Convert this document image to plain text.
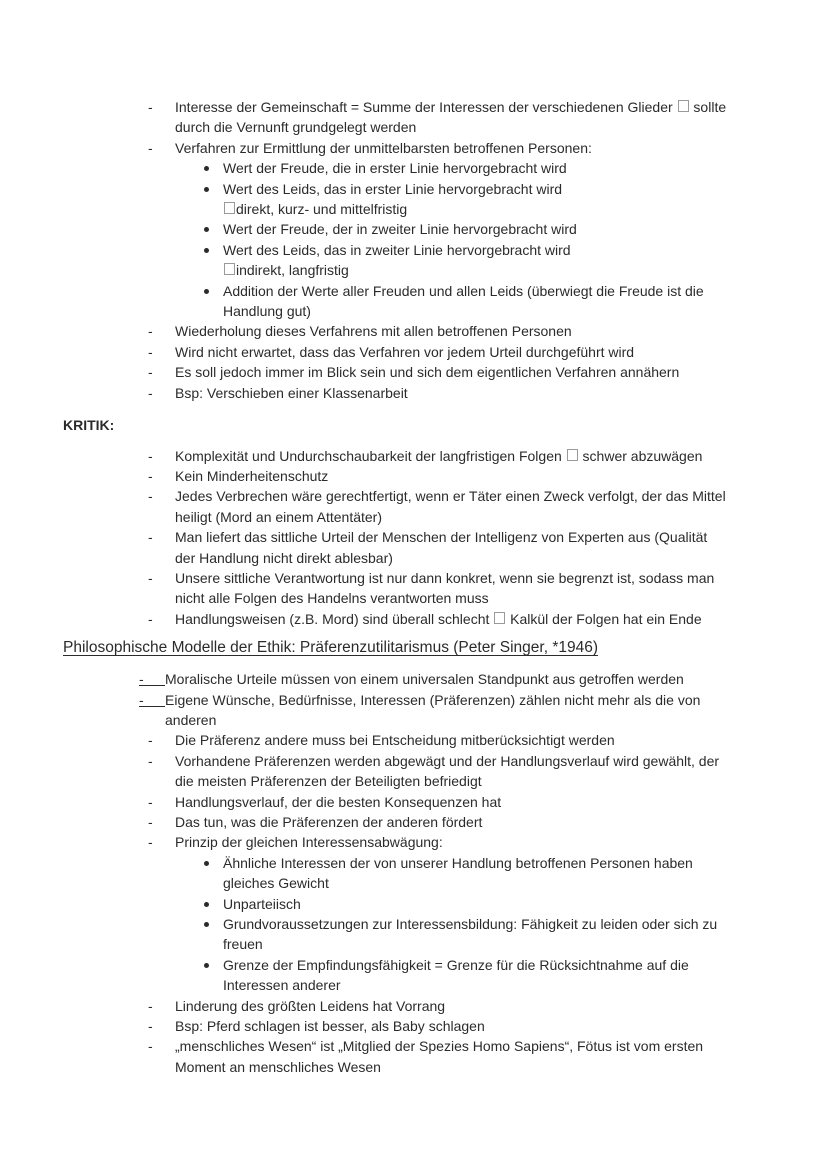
- Interesse der Gemeinschaft = Summe der Interessen der verschiedenen Glieder  sollte
durch die Vernunft grundgelegt werden
- Verfahren zur Ermittlung der unmittelbarsten betroffenen Personen:
Wert der Freude, die in erster Linie hervorgebracht wird
Wert des Leids, das in erster Linie hervorgebracht wird
direkt, kurz- und mittelfristig
Wert der Freude, der in zweiter Linie hervorgebracht wird
Wert des Leids, das in zweiter Linie hervorgebracht wird
indirekt, langfristig
Addition der Werte aller Freuden und allen Leids (überwiegt die Freude ist die
Handlung gut)
- Wiederholung dieses Verfahrens mit allen betroffenen Personen
- Wird nicht erwartet, dass das Verfahren vor jedem Urteil durchgeführt wird
- Es soll jedoch immer im Blick sein und sich dem eigentlichen Verfahren annähern
- Bsp: Verschieben einer Klassenarbeit
KRITIK:
- Komplexität und Undurchschaubarkeit der langfristigen Folgen  schwer abzuwägen
- Kein Minderheitenschutz
- Jedes Verbrechen wäre gerechtfertigt, wenn er Täter einen Zweck verfolgt, der das Mittel
heiligt (Mord an einem Attentäter)
- Man liefert das sittliche Urteil der Menschen der Intelligenz von Experten aus (Qualität
der Handlung nicht direkt ablesbar)
- Unsere sittliche Verantwortung ist nur dann konkret, wenn sie begrenzt ist, sodass man
nicht alle Folgen des Handelns verantworten muss
- Handlungsweisen (z.B. Mord) sind überall schlecht  Kalkül der Folgen hat ein Ende
Philosophische Modelle der Ethik: Präferenzutilitarismus (Peter Singer, *1946)
-	Moralische Urteile müssen von einem universalen Standpunkt aus getroffen werden
-	Eigene Wünsche, Bedürfnisse, Interessen (Präferenzen) zählen nicht mehr als die von
anderen
- Die Präferenz andere muss bei Entscheidung mitberücksichtigt werden
- Vorhandene Präferenzen werden abgewägt und der Handlungsverlauf wird gewählt, der
die meisten Präferenzen der Beteiligten befriedigt
- Handlungsverlauf, der die besten Konsequenzen hat
- Das tun, was die Präferenzen der anderen fördert
- Prinzip der gleichen Interessensabwägung:
Ähnliche Interessen der von unserer Handlung betroffenen Personen haben
gleiches Gewicht
Unparteiisch
Grundvoraussetzungen zur Interessensbildung: Fähigkeit zu leiden oder sich zu
freuen
Grenze der Empfindungsfähigkeit = Grenze für die Rücksichtnahme auf die
Interessen anderer
- Linderung des größten Leidens hat Vorrang
- Bsp: Pferd schlagen ist besser, als Baby schlagen
- „menschliches Wesen“ ist „Mitglied der Spezies Homo Sapiens“, Fötus ist vom ersten
Moment an menschliches Wesen
